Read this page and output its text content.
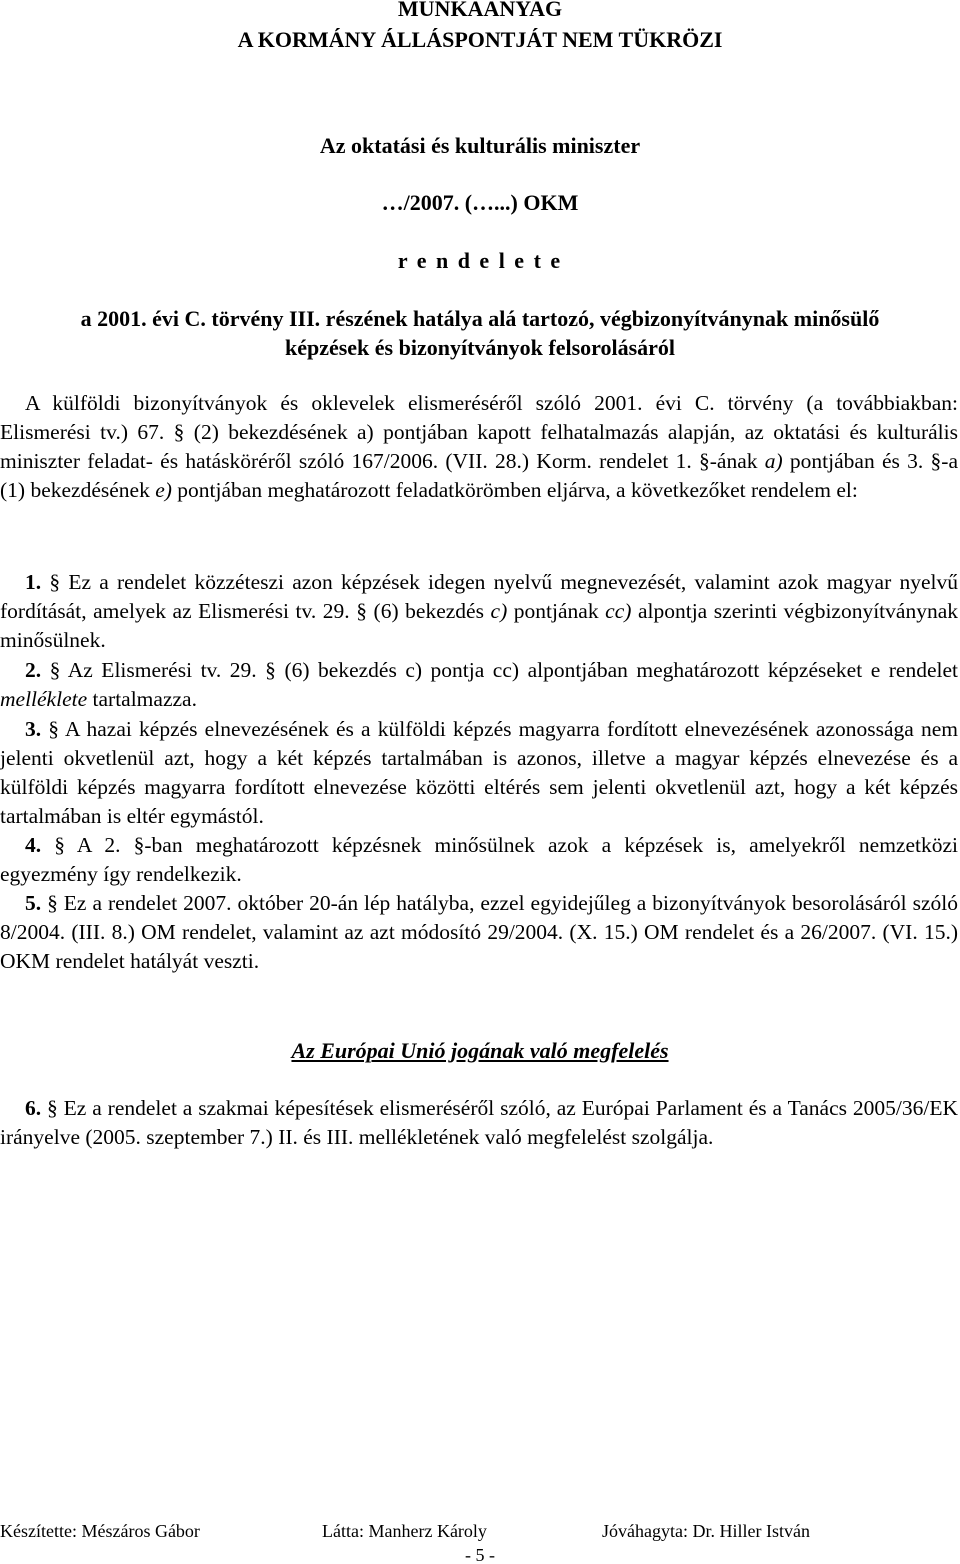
MUNKAANYAG
A KORMÁNY ÁLLÁSPONTJÁT NEM TÜKRÖZI
Az oktatási és kulturális miniszter
…/2007. (…...) OKM
r e n d e l e t e
a 2001. évi C. törvény III. részének hatálya alá tartozó, végbizonyítványnak minősülő
képzések és bizonyítványok felsorolásáról
A külföldi bizonyítványok és oklevelek elismeréséről szóló 2001. évi C. törvény (a továbbiakban: Elismerési tv.) 67. § (2) bekezdésének a) pontjában kapott felhatalmazás alapján, az oktatási és kulturális miniszter feladat- és hatásköréről szóló 167/2006. (VII. 28.) Korm. rendelet 1. §-ának a) pontjában és 3. §-a (1) bekezdésének e) pontjában meghatározott feladatkörömben eljárva, a következőket rendelem el:
1. § Ez a rendelet közzéteszi azon képzések idegen nyelvű megnevezését, valamint azok magyar nyelvű fordítását, amelyek az Elismerési tv. 29. § (6) bekezdés c) pontjának cc) alpontja szerinti végbizonyítványnak minősülnek.
2. § Az Elismerési tv. 29. § (6) bekezdés c) pontja cc) alpontjában meghatározott képzéseket e rendelet melléklete tartalmazza.
3. § A hazai képzés elnevezésének és a külföldi képzés magyarra fordított elnevezésének azonossága nem jelenti okvetlenül azt, hogy a két képzés tartalmában is azonos, illetve a magyar képzés elnevezése és a külföldi képzés magyarra fordított elnevezése közötti eltérés sem jelenti okvetlenül azt, hogy a két képzés tartalmában is eltér egymástól.
4. § A 2. §-ban meghatározott képzésnek minősülnek azok a képzések is, amelyekről nemzetközi egyezmény így rendelkezik.
5. § Ez a rendelet 2007. október 20-án lép hatályba, ezzel egyidejűleg a bizonyítványok besorolásáról szóló 8/2004. (III. 8.) OM rendelet, valamint az azt módosító 29/2004. (X. 15.) OM rendelet és a 26/2007. (VI. 15.) OKM rendelet hatályát veszti.
Az Európai Unió jogának való megfelelés
6. § Ez a rendelet a szakmai képesítések elismeréséről szóló, az Európai Parlament és a Tanács 2005/36/EK irányelve (2005. szeptember 7.) II. és III. mellékletének való megfelelést szolgálja.
Készítette: Mészáros Gábor	Látta: Manherz Károly	Jóváhagyta: Dr. Hiller István
- 5 -
